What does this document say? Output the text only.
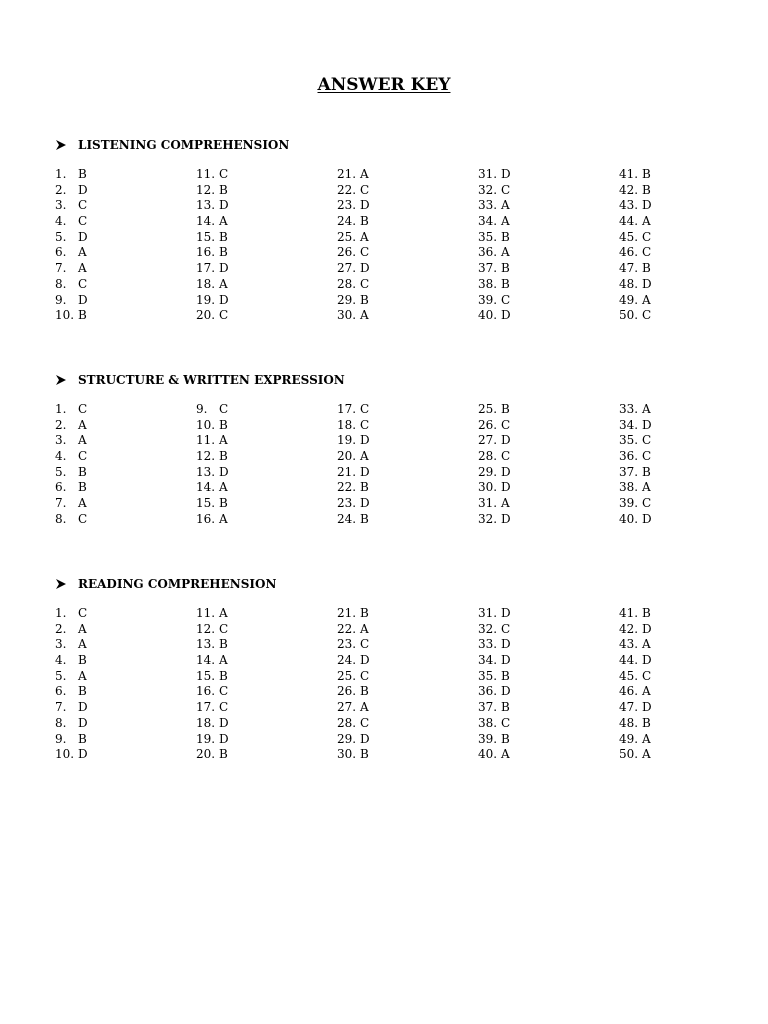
ANSWER KEY
LISTENING COMPREHENSION
1. B
2. D
3. C
4. C
5. D
6. A
7. A
8. C
9. D
10. B
11. C
12. B
13. D
14. A
15. B
16. B
17. D
18. A
19. D
20. C
21. A
22. C
23. D
24. B
25. A
26. C
27. D
28. C
29. B
30. A
31. D
32. C
33. A
34. A
35. B
36. A
37. B
38. B
39. C
40. D
41. B
42. B
43. D
44. A
45. C
46. C
47. B
48. D
49. A
50. C
STRUCTURE & WRITTEN EXPRESSION
1. C
2. A
3. A
4. C
5. B
6. B
7. A
8. C
9. C
10. B
11. A
12. B
13. D
14. A
15. B
16. A
17. C
18. C
19. D
20. A
21. D
22. B
23. D
24. B
25. B
26. C
27. D
28. C
29. D
30. D
31. A
32. D
33. A
34. D
35. C
36. C
37. B
38. A
39. C
40. D
READING COMPREHENSION
1. C
2. A
3. A
4. B
5. A
6. B
7. D
8. D
9. B
10. D
11. A
12. C
13. B
14. A
15. B
16. C
17. C
18. D
19. D
20. B
21. B
22. A
23. C
24. D
25. C
26. B
27. A
28. C
29. D
30. B
31. D
32. C
33. D
34. D
35. B
36. D
37. B
38. C
39. B
40. A
41. B
42. D
43. A
44. D
45. C
46. A
47. D
48. B
49. A
50. A
